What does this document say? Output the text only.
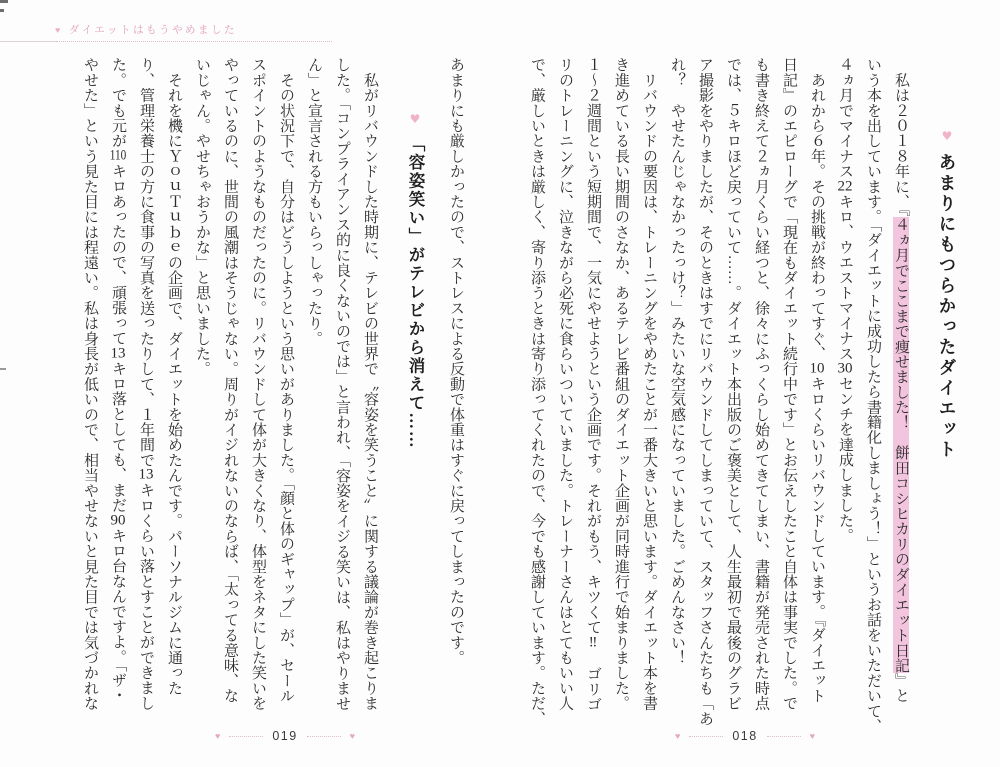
♥ ダイエットはもうやめました
♥あまりにもつらかったダイエット

　私は２０１８年に、『４ヵ月でここまで痩せました！　餅田コシヒカリのダイエット日記』と

いう本を出しています。「ダイエットに成功したら書籍化しましょう！」というお話をいただいて、

４ヵ月でマイナス22キロ、ウエストマイナス30センチを達成しました。

　あれから６年。その挑戦が終わってすぐ、10キロくらいリバウンドしています。『ダイエット

日記』のエピローグで「現在もダイエット続行中です」とお伝えしたこと自体は事実でした。で

も書き終えて２ヵ月くらい経つと、徐々にふっくらし始めてきてしまい、書籍が発売された時点

では、５キロほど戻っていて……。ダイエット本出版のご褒美として、人生最初で最後のグラビ

ア撮影をやりましたが、そのときはすでにリバウンドしてしまっていて、スタッフさんたちも「あ

れ？　やせたんじゃなかったっけ？」みたいな空気感になっていました。ごめんなさい！

　リバウンドの要因は、トレーニングをやめたことが一番大きいと思います。ダイエット本を書

き進めている長い期間のさなか、あるテレビ番組のダイエット企画が同時進行で始まりました。

１〜２週間という短期間で、一気にやせようという企画です。それがもう、キツくて‼　ゴリゴ

リのトレーニングに、泣きながら必死に食らいついていました。トレーナーさんはとてもいい人

で、厳しいときは厳しく、寄り添うときは寄り添ってくれたので、今でも感謝しています。ただ、

あまりにも厳しかったので、ストレスによる反動で体重はすぐに戻ってしまったのです。

♥「容姿笑い」がテレビから消えて……

　私がリバウンドした時期に、テレビの世界で〝容姿を笑うこと〟に関する議論が巻き起こりま

した。「コンプライアンス的に良くないのでは」と言われ、「容姿をイジる笑いは、私はやりませ

ん」と宣言される方もいらっしゃったり。

　その状況下で、自分はどうしようという思いがありました。「顔と体のギャップ」が、セール

スポイントのようなものだったのに。リバウンドして体が大きくなり、体型をネタにした笑いを

やっているのに、世間の風潮はそうじゃない。周りがイジれないのならば、「太ってる意味、な

いじゃん。やせちゃおうかな」と思いました。

　それを機にＹｏｕＴｕｂｅの企画で、ダイエットを始めたんです。パーソナルジムに通った

り、管理栄養士の方に食事の写真を送ったりして、１年間で13キロくらい落とすことができまし

た。でも元が110キロあったので、頑張って13キロ落としても、まだ90キロ台なんですよ。「ザ・

やせた」という見た目には程遠い。私は身長が低いので、相当やせないと見た目では気づかれな

♥	019	♥	♥	018	♥
